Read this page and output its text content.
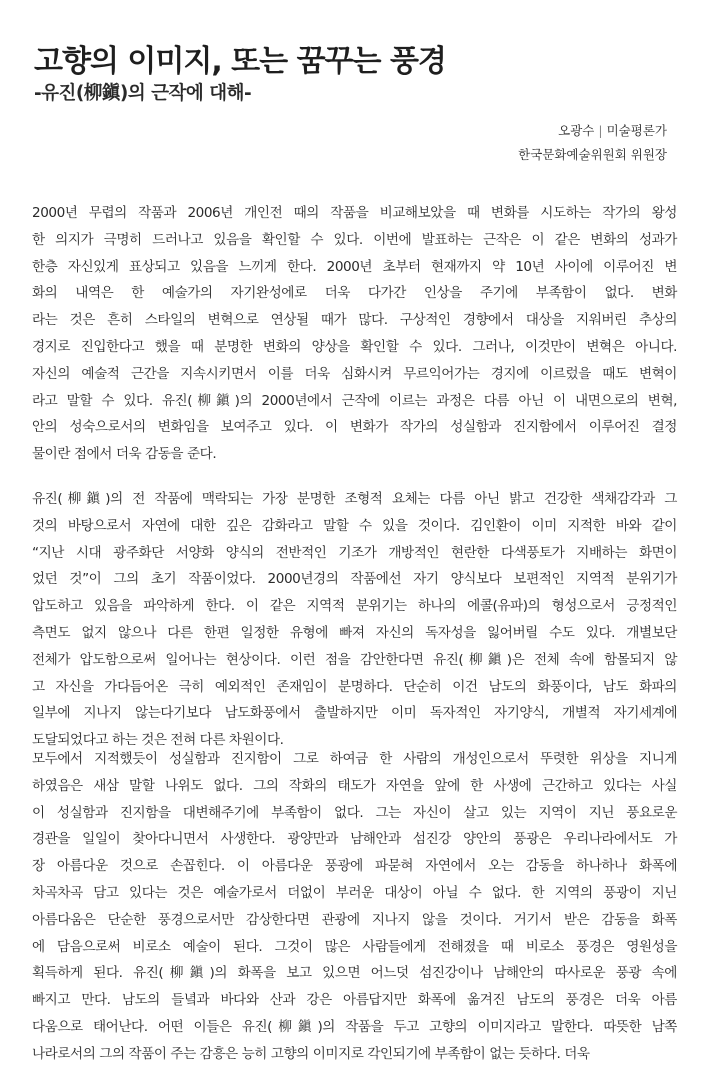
고향의 이미지, 또는 꿈꾸는 풍경
-유진(柳鎭)의 근작에 대해-
오광수 | 미술평론가
한국문화예술위원회 위원장
2000년 무렵의 작품과 2006년 개인전 때의 작품을 비교해보았을 때 변화를 시도하는 작가의 왕성
한 의지가 극명히 드러나고 있음을 확인할 수 있다. 이번에 발표하는 근작은 이 같은 변화의 성과가
한층 자신있게 표상되고 있음을 느끼게 한다. 2000년 초부터 현재까지 약 10년 사이에 이루어진 변
화의 내역은 한 예술가의 자기완성에로 더욱 다가간 인상을 주기에 부족함이 없다. 변화
라는 것은 흔히 스타일의 변혁으로 연상될 때가 많다. 구상적인 경향에서 대상을 지워버린 추상의
경지로 진입한다고 했을 때 분명한 변화의 양상을 확인할 수 있다. 그러나, 이것만이 변혁은 아니다.
자신의 예술적 근간을 지속시키면서 이를 더욱 심화시켜 무르익어가는 경지에 이르렀을 때도 변혁이
라고 말할 수 있다. 유진(柳鎭)의 2000년에서 근작에 이르는 과정은 다름 아닌 이 내면으로의 변혁,
안의 성숙으로서의 변화임을 보여주고 있다. 이 변화가 작가의 성실함과 진지함에서 이루어진 결정
물이란 점에서 더욱 감동을 준다.
유진(柳鎭)의 전 작품에 맥락되는 가장 분명한 조형적 요체는 다름 아닌 밝고 건강한 색채감각과 그
것의 바탕으로서 자연에 대한 깊은 감화라고 말할 수 있을 것이다. 김인환이 이미 지적한 바와 같이
“지난 시대 광주화단 서양화 양식의 전반적인 기조가 개방적인 현란한 다색풍토가 지배하는 화면이
었던 것”이 그의 초기 작품이었다. 2000년경의 작품에선 자기 양식보다 보편적인 지역적 분위기가
압도하고 있음을 파악하게 한다. 이 같은 지역적 분위기는 하나의 에콜(유파)의 형성으로서 긍정적인
측면도 없지 않으나 다른 한편 일정한 유형에 빠져 자신의 독자성을 잃어버릴 수도 있다. 개별보단
전체가 압도함으로써 일어나는 현상이다. 이런 점을 감안한다면 유진(柳鎭)은 전체 속에 함몰되지 않
고 자신을 가다듬어온 극히 예외적인 존재임이 분명하다. 단순히 이건 남도의 화풍이다, 남도 화파의
일부에 지나지 않는다기보다 남도화풍에서 출발하지만 이미 독자적인 자기양식, 개별적 자기세계에
도달되었다고 하는 것은 전혀 다른 차원이다.
모두에서 지적했듯이 성실함과 진지함이 그로 하여금 한 사람의 개성인으로서 뚜렷한 위상을 지니게
하였음은 새삼 말할 나위도 없다. 그의 작화의 태도가 자연을 앞에 한 사생에 근간하고 있다는 사실
이 성실함과 진지함을 대변해주기에 부족함이 없다. 그는 자신이 살고 있는 지역이 지닌 풍요로운
경관을 일일이 찾아다니면서 사생한다. 광양만과 남해안과 섬진강 양안의 풍광은 우리나라에서도 가
장 아름다운 것으로 손꼽힌다. 이 아름다운 풍광에 파묻혀 자연에서 오는 감동을 하나하나 화폭에
차곡차곡 담고 있다는 것은 예술가로서 더없이 부러운 대상이 아닐 수 없다. 한 지역의 풍광이 지닌
아름다움은 단순한 풍경으로서만 감상한다면 관광에 지나지 않을 것이다. 거기서 받은 감동을 화폭
에 담음으로써 비로소 예술이 된다. 그것이 많은 사람들에게 전해졌을 때 비로소 풍경은 영원성을
획득하게 된다. 유진(柳鎭)의 화폭을 보고 있으면 어느덧 섬진강이나 남해안의 따사로운 풍광 속에
빠지고 만다. 남도의 들녘과 바다와 산과 강은 아름답지만 화폭에 옮겨진 남도의 풍경은 더욱 아름
다움으로 태어난다. 어떤 이들은 유진(柳鎭)의 작품을 두고 고향의 이미지라고 말한다. 따뜻한 남쪽
나라로서의 그의 작품이 주는 감흥은 능히 고향의 이미지로 각인되기에 부족함이 없는 듯하다. 더욱
